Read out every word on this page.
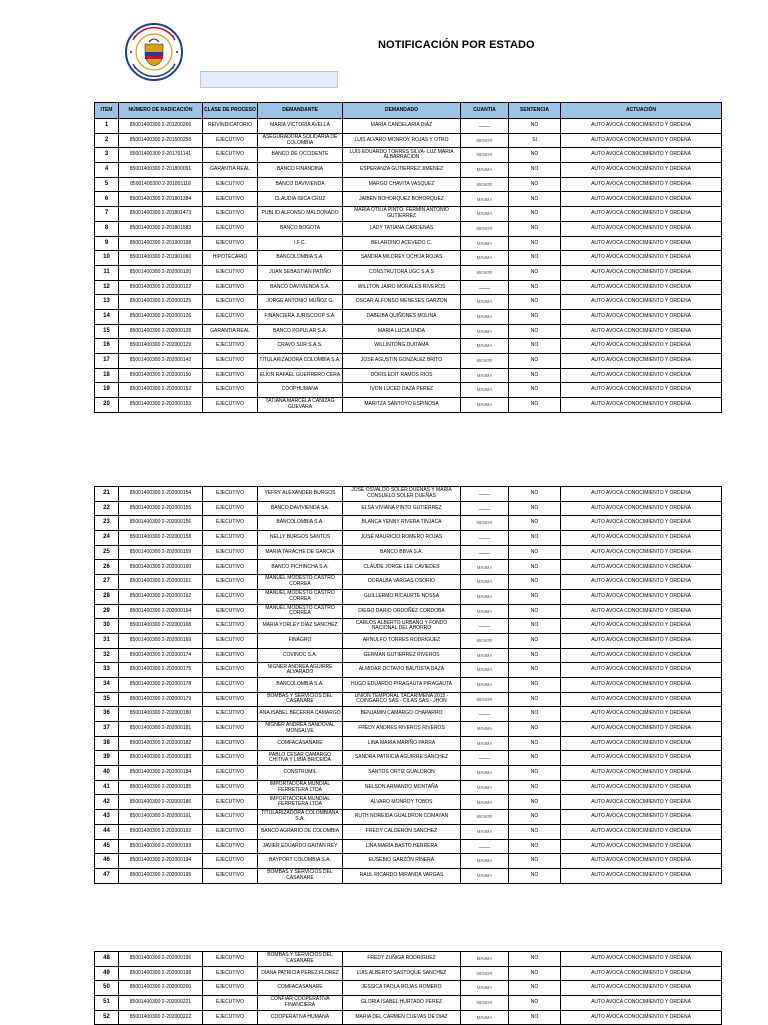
NOTIFICACIÓN POR ESTADO
ITEM	NÚMERO DE RADICACIÓN	CLASE DE PROCESO	DEMANDANTE	DEMANDADO	CUANTIA	SENTENCIA	ACTUACIÓN
1	85001400300 2-201200266	REIVINDICATORIO	MARIA VICTORIA AVELLA	MARIA CANDELARIA DIAZ	____	NO	AUTO AVOCA CONOCIMIENTO Y ORDENA
2	85001400300 2-201500258	EJECUTIVO	ASEGURADORA SOLIDARIA DE COLOMBIA	LUIS ALVARO MONROY ROJAS Y OTRO	MENOR	SI	AUTO AVOCA CONOCIMIENTO Y ORDENA
3	85001400300 2-201701141	EJECUTIVO	BANCO DE OCCIDENTE	LUIS EDUARDO TORRES SILVA- LUZ MARIA ALBARRACION	MENOR	NO	AUTO AVOCA CONOCIMIENTO Y ORDENA
4	85001400300 2-201800091	GARANTIA REAL	BANCO FINANDINA	ESPERANZA GUTIERREZ JIMENEZ	MINIMA	NO	AUTO AVOCA CONOCIMIENTO Y ORDENA
5	85001400300 2-201801118	EJECUTIVO	BANCO DAVIVIENDA	MARGO CHAVITA VASQUEZ	MENOR	NO	AUTO AVOCA CONOCIMIENTO Y ORDENA
6	85001400300 2-201801384	EJECUTIVO	CLAUDIA ISICA CRUZ	JAIBEN BOHORQUEZ BOHORQUEZ	MINIMA	NO	AUTO AVOCA CONOCIMIENTO Y ORDENA
7	85001400300 2-201801473	EJECUTIVO	PUBLIO ALFONSO MALDONADO	MARIA OTILIA PINTO; FERMIN ANTONIO GUTIERREZ	MINIMA	NO	AUTO AVOCA CONOCIMIENTO Y ORDENA
8	85001400300 2-201801583	EJECUTIVO	BANCO BOGOTA	LADY TATIANA CARDENAS	MENOR	NO	AUTO AVOCA CONOCIMIENTO Y ORDENA
9	85001400300 2-201900198	EJECUTIVO	I.F.C.	BELARDINO ACEVEDO C.	MINIMA	NO	AUTO AVOCA CONOCIMIENTO Y ORDENA
10	85001400300 2-201901060	HIPOTECARIO	BANCOLOMBIA S.A.	SANDRA MILDREY OCHOA ROJAS	MINIMA	NO	AUTO AVOCA CONOCIMIENTO Y ORDENA
11	85001400300 2-202000120	EJECUTIVO	JUAN SEBASTIAN PATIÑO	CONSTRUTORA UGC S.A.S	MENOR	NO	AUTO AVOCA CONOCIMIENTO Y ORDENA
12	85001400300 2-202000122	EJECUTIVO	BANCO DAVIVIENDA S.A.	WILLTON JAIRO MORALES RIVEROS	____	NO	AUTO AVOCA CONOCIMIENTO Y ORDENA
13	85001400300 2-202000125	EJECUTIVO	JORGE ANTONIO MUÑOZ G.	OSCAR ALFONSO MENESES GARZON	MINIMA	NO	AUTO AVOCA CONOCIMIENTO Y ORDENA
14	85001400300 2-202000126	EJECUTIVO	FINANCIERA JURISCOOP S.A.	DABEIBA QUIÑONES MOLINA	MINIMA	NO	AUTO AVOCA CONOCIMIENTO Y ORDENA
15	85001400300 2-202000128	GARANTIA REAL	BANCO POPULAR S.A.	MARIA LUCIA UNDA	MINIMA	NO	AUTO AVOCA CONOCIMIENTO Y ORDENA
16	85001400300 2-202000129	EJECUTIVO	CRAVO SUR S.A.S.	WILLINTONG DUITAMA	MINIMA	NO	AUTO AVOCA CONOCIMIENTO Y ORDENA
17	85001400300 2-202000142	EJECUTIVO	TITULARIZADORA COLOMBIA S.A.	JOSE AGUSTIN GONZALEZ BRITO	MENOR	NO	AUTO AVOCA CONOCIMIENTO Y ORDENA
18	85001400300 2-202000150	EJECUTIVO	ELKIN RAFAEL GUERRERO CERA	DORIS EDIT RAMOS RIOS	MINIMA	NO	AUTO AVOCA CONOCIMIENTO Y ORDENA
19	85001400300 2-202000152	EJECUTIVO	COOPHUMANA	IVON LUCED DAZA PEREZ	MINIMA	NO	AUTO AVOCA CONOCIMIENTO Y ORDENA
20	85001400300 2-202000153	EJECUTIVO	TATIANA MARCELA CANIZAG GUEVARA	MARITZA SANTOYO ESPINOSA	MINIMA	NO	AUTO AVOCA CONOCIMIENTO Y ORDENA
21	85001400300 2-202000154	EJECUTIVO	YEFRY ALEXANDER BURGOS	JOSE OSVALDO SOLER DUENAS Y MARIA CONSUELO SOLER DUEÑAS	____	NO	AUTO AVOCA CONOCIMIENTO Y ORDENA
22	85001400300 2-202000155	EJECUTIVO	BANCO DAVIVIENDA SA.	ELSA VIVIANA PINTO GUTIERREZ	____	NO	AUTO AVOCA CONOCIMIENTO Y ORDENA
23	85001400300 2-202000156	EJECUTIVO	BANCOLOMBIA S.A.	BLANCA YENNY RIVERA TINJACA	MENOR	NO	AUTO AVOCA CONOCIMIENTO Y ORDENA
24	85001400300 2-202000158	EJECUTIVO	NELLY BURGOS SANTOS	JOSÉ MAURICIO ROMERO ROJAS	____	NO	AUTO AVOCA CONOCIMIENTO Y ORDENA
25	85001400300 2-202000159	EJECUTIVO	MARIA TARACHE DE GARCIA	BANCO BBVA S.A.	____	NO	AUTO AVOCA CONOCIMIENTO Y ORDENA
26	85001400300 2-202000160	EJECUTIVO	BANCO PICHINCHA S.A.	CLAUDE JORGE LEE CAVIEDES	MINIMA	NO	AUTO AVOCA CONOCIMIENTO Y ORDENA
27	85001400300 2-202000161	EJECUTIVO	MANUEL MODESTO CASTRO CORREA	DORALBA VARGAS OSORIO	MINIMA	NO	AUTO AVOCA CONOCIMIENTO Y ORDENA
28	85001400300 2-202000162	EJECUTIVO	MANUEL MODESTO CASTRO CORREA	GUILLERMO RICAURTE NOSSA	MINIMA	NO	AUTO AVOCA CONOCIMIENTO Y ORDENA
29	85001400300 2-202000164	EJECUTIVO	MANUEL MODESTO CASTRO CORREA	DIEGO DARIO ORDOÑEZ CORDOBA	MINIMA	NO	AUTO AVOCA CONOCIMIENTO Y ORDENA
30	85001400300 2-202000168	EJECUTIVO	MARIA YORLEY DÍAZ SÁNCHEZ	CARLOS ALBERTO URBANO Y FONDO NACIONAL DEL AHORRO	____	NO	AUTO AVOCA CONOCIMIENTO Y ORDENA
31	85001400300 2-202000169	EJECUTIVO	FINAGRO	ARNULFO TORRES RODRÍGUEZ	MENOR	NO	AUTO AVOCA CONOCIMIENTO Y ORDENA
32	85001400300 2-202000174	EJECUTIVO	COVINOC S.A.	GERMAN GUTIERREZ RIVEROS	MINIMA	NO	AUTO AVOCA CONOCIMIENTO Y ORDENA
33	85001400300 2-202000175	EJECUTIVO	NIGNER ANDREA AGUIRRE ALVARADO	ALMIDAR OCTAVIO BAUTISTA DAZA	MINIMA	NO	AUTO AVOCA CONOCIMIENTO Y ORDENA
34	85001400300 2-202000178	EJECUTIVO	BANCOLOMBIA S.A.	HUGO EDUARDO PIRAGAUTA PIRAGAUTA	MINIMA	NO	AUTO AVOCA CONOCIMIENTO Y ORDENA
35	85001400300 2-202000179	EJECUTIVO	BOMBAS Y SERVICIOS DEL CASANARE	UNION TEMPORAL TACARIMENA 2015 - COINGARCO SAS - CILAS SAS - JHON	MENOR	NO	AUTO AVOCA CONOCIMIENTO Y ORDENA
36	85001400300 2-202000180	EJECUTIVO	ANA ISABEL BECERRA CAMARGO	BENJAMIN CAMARGO CHAPARRO	____	NO	AUTO AVOCA CONOCIMIENTO Y ORDENA
37	85001400300 2-202000181	EJECUTIVO	NIGNER ANDREA SANDOVAL MONSALVE	FREDY ANDRES RIVEROS RIVEROS	MINIMA	NO	AUTO AVOCA CONOCIMIENTO Y ORDENA
38	85001400300 2-202000182	EJECUTIVO	COMFACASANARE	LINA MARIA MARIÑO PARRA	MINIMA	NO	AUTO AVOCA CONOCIMIENTO Y ORDENA
39	85001400300 2-202000183	EJECUTIVO	PABLO CESAR CAMARGO CHITIVA Y LIBIA BRICEIDA	SANDRA PATRICIA AGUIRRE SANCHEZ	____	NO	AUTO AVOCA CONOCIMIENTO Y ORDENA
40	85001400300 2-202000184	EJECUTIVO	CONSTRUMIL	SANTOS ORTIZ GUALDRON	MINIMA	NO	AUTO AVOCA CONOCIMIENTO Y ORDENA
41	85001400300 2-202000185	EJECUTIVO	IMPORTADORA MUNDIAL FERRETERA LTDA	NELSON ARMANDO MONTAÑA	MINIMA	NO	AUTO AVOCA CONOCIMIENTO Y ORDENA
42	85001400300 2-202000186	EJECUTIVO	IMPORTADORA MUNDIAL FERRETERA LTDA	ALVARO MONROY TOBOS	MINIMA	NO	AUTO AVOCA CONOCIMIENTO Y ORDENA
43	85001400300 2-202000191	EJECUTIVO	TITULARIZADORA COLOMBIANA S.A.	RUTH NOREIDA GUALDRON COMAYAN	MENOR	NO	AUTO AVOCA CONOCIMIENTO Y ORDENA
44	85001400300 2-202000192	EJECUTIVO	BANCO AGRARIO DE COLOMBIA	FREDY CALDERON SANCHEZ	MINIMA	NO	AUTO AVOCA CONOCIMIENTO Y ORDENA
45	85001400300 2-202000193	EJECUTIVO	JAVIER EDUARDO GAITAN REY	LINA MARIA BASTO HERRERA	____	NO	AUTO AVOCA CONOCIMIENTO Y ORDENA
46	85001400300 2-202000194	EJECUTIVO	BAYPORT COLOMBIA S.A.	EUSEBIO GARZÓN RINERA	MINIMA	NO	AUTO AVOCA CONOCIMIENTO Y ORDENA
47	85001400300 2-202000195	EJECUTIVO	BOMBAS Y SERVICIOS DEL CASANARE	RAUL RICARDO MIRANDA VARGAS	MINIMA	NO	AUTO AVOCA CONOCIMIENTO Y ORDENA
48	85001400300 2-202000196	EJECUTIVO	BOMBAS Y SERVICIOS DEL CASANARE	FREDY ZUÑIGA RODRÍGUEZ	MINIMA	NO	AUTO AVOCA CONOCIMIENTO Y ORDENA
49	85001400300 2-202000198	EJECUTIVO	DIANA PATRICIA PEREZ FLOREZ	LUIS ALBERTO SASTOQUE SANCHEZ	MENOR	NO	AUTO AVOCA CONOCIMIENTO Y ORDENA
50	85001400300 2-202000200	EJECUTIVO	COMFACASANARE	JESSICA PAOLA ROJAS ROMERO	MINIMA	NO	AUTO AVOCA CONOCIMIENTO Y ORDENA
51	85001400300 2-202000221	EJECUTIVO	CONFIAR COOPERATIVA FINANCIERA	GLORIA ISABEL HURTADO PEREZ	MENOR	NO	AUTO AVOCA CONOCIMIENTO Y ORDENA
52	85001400300 2-202000222	EJECUTIVO	COOPERATIVA HUMANA	MARIA DEL CARMEN CUEVAS DE DIAZ	MINIMA	NO	AUTO AVOCA CONOCIMIENTO Y ORDENA
